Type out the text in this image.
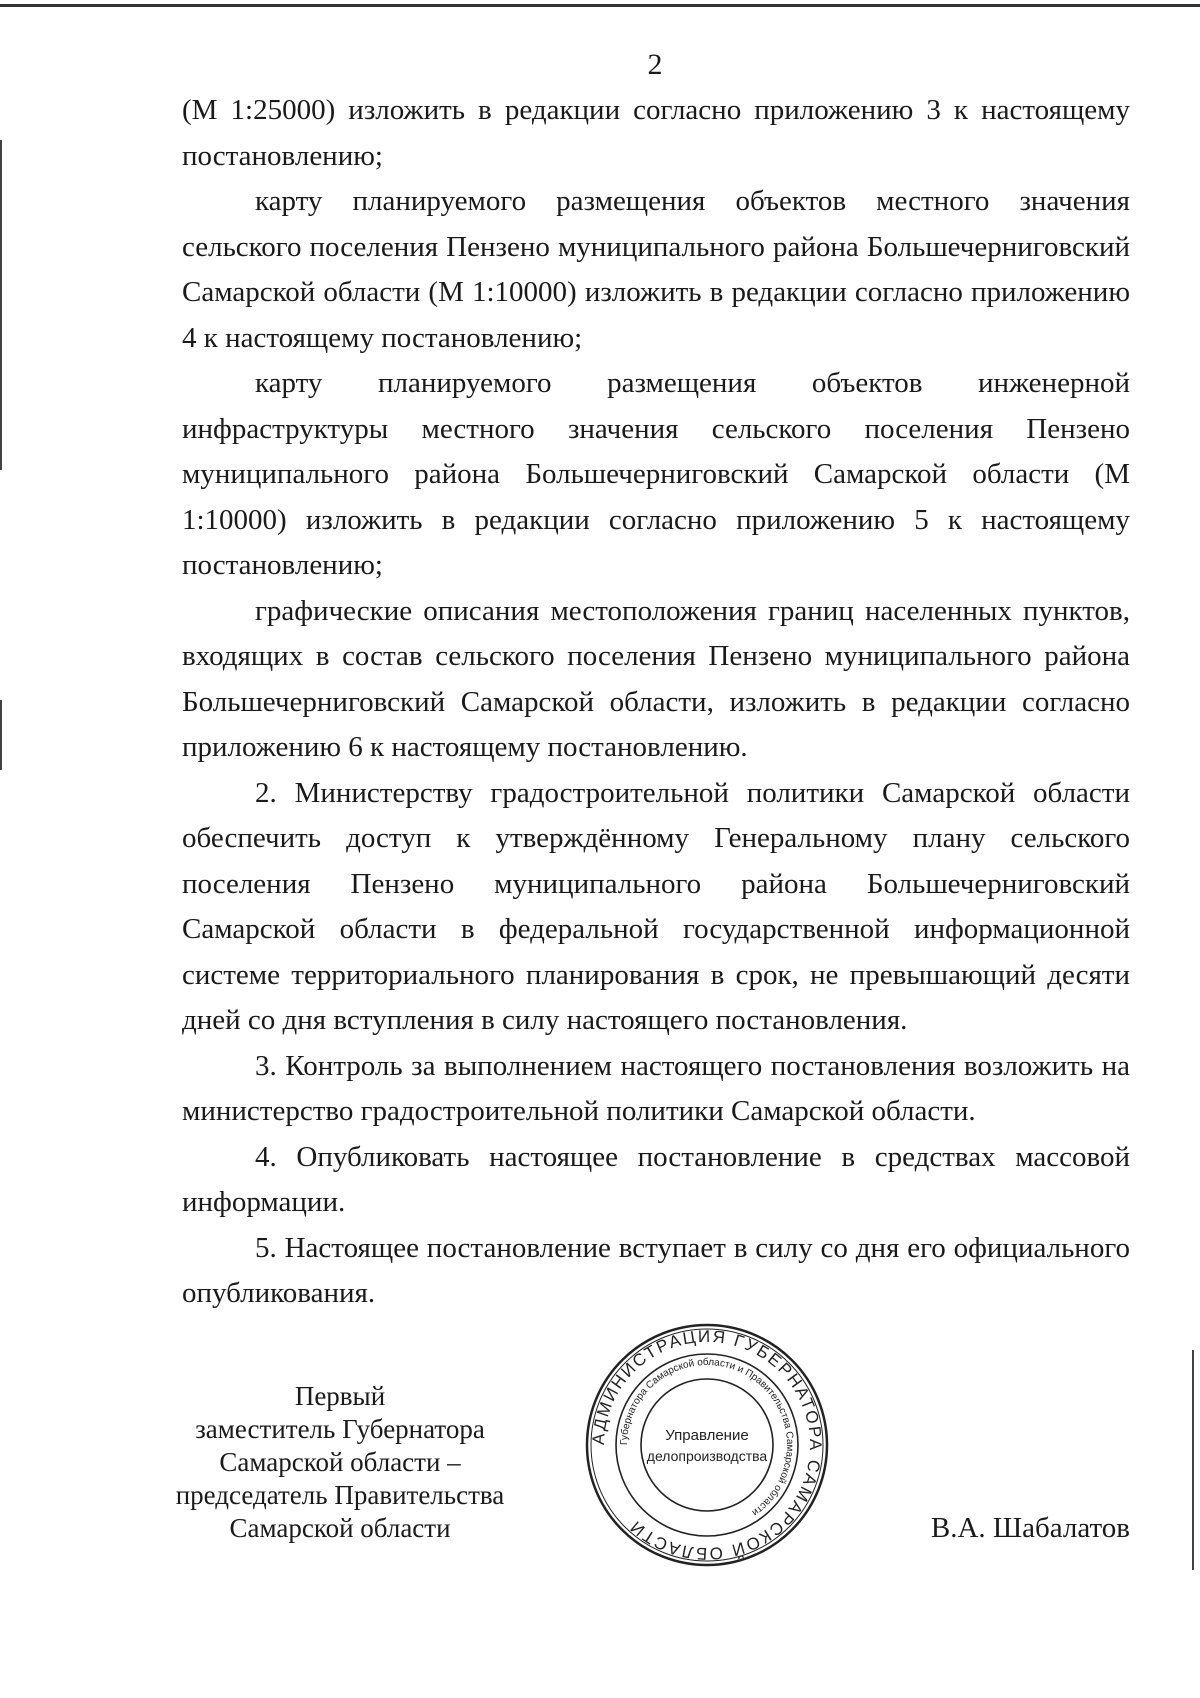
2

(М 1:25000) изложить в редакции согласно приложению 3 к настоящему постановлению;

карту планируемого размещения объектов местного значения сельского поселения Пензено муниципального района Большечерниговский Самарской области (М 1:10000) изложить в редакции согласно приложению 4 к настоящему постановлению;

карту планируемого размещения объектов инженерной инфраструктуры местного значения сельского поселения Пензено муниципального района Большечерниговский Самарской области (М 1:10000) изложить в редакции согласно приложению 5 к настоящему постановлению;

графические описания местоположения границ населенных пунктов, входящих в состав сельского поселения Пензено муниципального района Большечерниговский Самарской области, изложить в редакции согласно приложению 6 к настоящему постановлению.

2. Министерству градостроительной политики Самарской области обеспечить доступ к утверждённому Генеральному плану сельского поселения Пензено муниципального района Большечерниговский Самарской области в федеральной государственной информационной системе территориального планирования в срок, не превышающий десяти дней со дня вступления в силу настоящего постановления.

3. Контроль за выполнением настоящего постановления возложить на министерство градостроительной политики Самарской области.

4. Опубликовать настоящее постановление в средствах массовой информации.

5. Настоящее постановление вступает в силу со дня его официального опубликования.

Первый
заместитель Губернатора
Самарской области –
председатель Правительства
Самарской области
АДМИНИСТРАЦИЯ ГУБЕРНАТОРА САМАРСКОЙ ОБЛАСТИ
Губернатора Самарской области и Правительства Самарской области
Управление
делопроизводства
В.А. Шабалатов
